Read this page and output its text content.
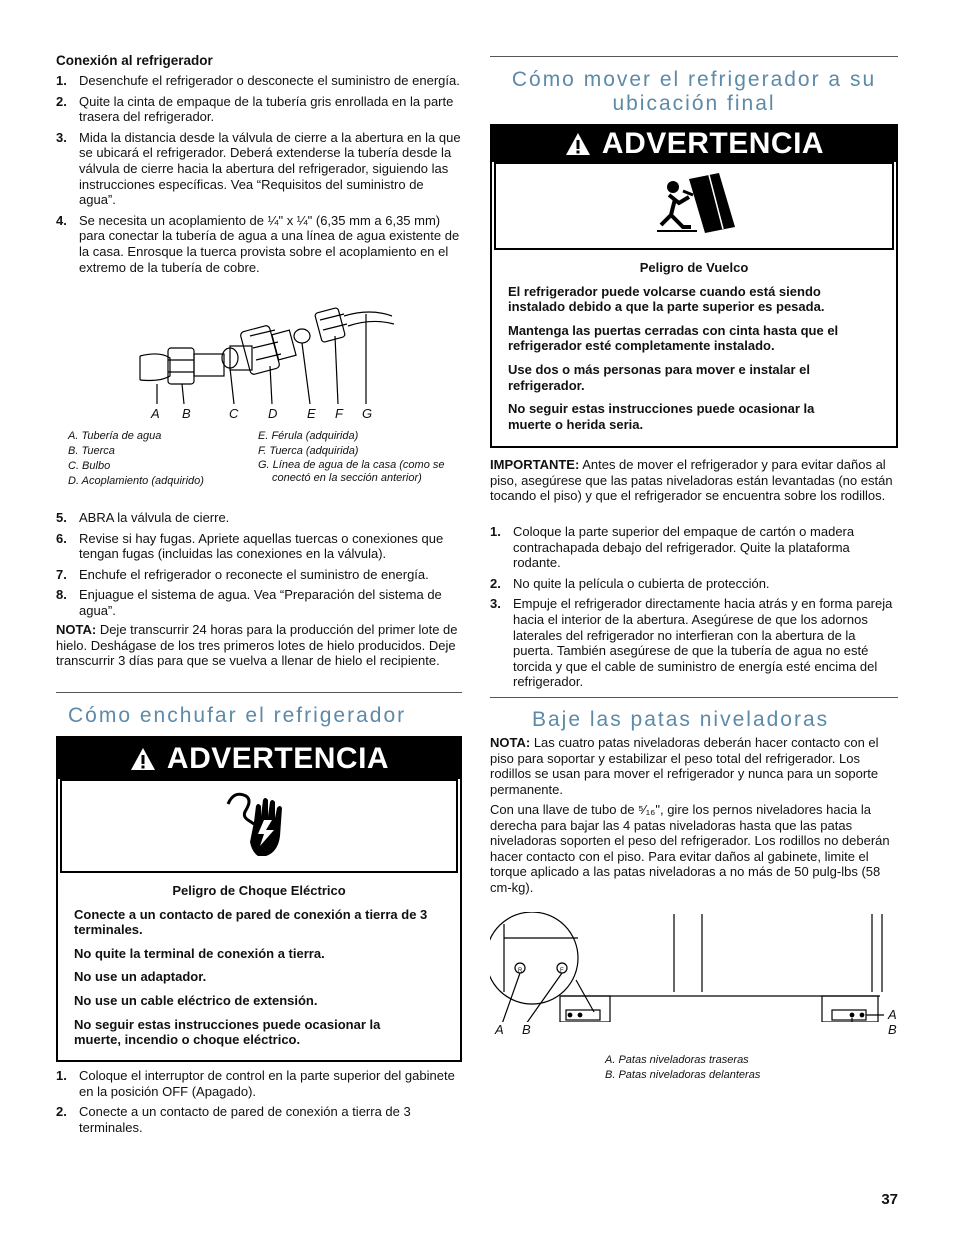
Conexión al refrigerador
1. Desenchufe el refrigerador o desconecte el suministro de energía.
2. Quite la cinta de empaque de la tubería gris enrollada en la parte trasera del refrigerador.
3. Mida la distancia desde la válvula de cierre a la abertura en la que se ubicará el refrigerador. Deberá extenderse la tubería desde la válvula de cierre hacia la abertura del refrigerador, siguiendo las instrucciones específicas. Vea “Requisitos del suministro de agua”.
4. Se necesita un acoplamiento de ¼" x ¼" (6,35 mm a 6,35 mm) para conectar la tubería de agua a una línea de agua existente de la casa. Enrosque la tuerca provista sobre el acoplamiento en el extremo de la tubería de cobre.
A B	C D E F G
A. Tubería de agua
B. Tuerca
C. Bulbo
D. Acoplamiento (adquirido)
E. Férula (adquirida)
F. Tuerca (adquirida)
G. Línea de agua de la casa (como se conectó en la sección anterior)
5. ABRA la válvula de cierre.
6. Revise si hay fugas. Apriete aquellas tuercas o conexiones que tengan fugas (incluidas las conexiones en la válvula).
7. Enchufe el refrigerador o reconecte el suministro de energía.
8. Enjuague el sistema de agua. Vea “Preparación del sistema de agua”.

NOTA: Deje transcurrir 24 horas para la producción del primer lote de hielo. Deshágase de los tres primeros lotes de hielo producidos. Deje transcurrir 3 días para que se vuelva a llenar de hielo el recipiente.

Cómo enchufar el refrigerador
ADVERTENCIA

Peligro de Choque Eléctrico

Conecte a un contacto de pared de conexión a tierra de 3 terminales.

No quite la terminal de conexión a tierra.

No use un adaptador.

No use un cable eléctrico de extensión.

No seguir estas instrucciones puede ocasionar la muerte, incendio o choque eléctrico.

1. Coloque el interruptor de control en la parte superior del gabinete en la posición OFF (Apagado).
2. Conecte a un contacto de pared de conexión a tierra de 3 terminales.
Cómo mover el refrigerador a su ubicación final
ADVERTENCIA

Peligro de Vuelco

El refrigerador puede volcarse cuando está siendo instalado debido a que la parte superior es pesada.

Mantenga las puertas cerradas con cinta hasta que el refrigerador esté completamente instalado.

Use dos o más personas para mover e instalar el refrigerador.

No seguir estas instrucciones puede ocasionar la muerte o herida seria.

IMPORTANTE: Antes de mover el refrigerador y para evitar daños al piso, asegúrese que las patas niveladoras están levantadas (no están tocando el piso) y que el refrigerador se encuentra sobre los rodillos.

1. Coloque la parte superior del empaque de cartón o madera contrachapada debajo del refrigerador. Quite la plataforma rodante.
2. No quite la película o cubierta de protección.
3. Empuje el refrigerador directamente hacia atrás y en forma pareja hacia el interior de la abertura. Asegúrese de que los adornos laterales del refrigerador no interfieran con la abertura de la puerta. También asegúrese de que la tubería de agua no esté torcida y que el cable de suministro de energía esté encima del refrigerador.
Baje las patas niveladoras

NOTA: Las cuatro patas niveladoras deberán hacer contacto con el piso para soportar y estabilizar el peso total del refrigerador. Los rodillos se usan para mover el refrigerador y nunca para un soporte permanente.

Con una llave de tubo de ⁵⁄₁₆", gire los pernos niveladores hacia la derecha para bajar las 4 patas niveladoras hasta que las patas niveladoras soporten el peso del refrigerador. Los rodillos no deberán hacer contacto con el piso. Para evitar daños al gabinete, limite el torque aplicado a las patas niveladoras a no más de 50 pulg-lbs (58 cm-kg).

R	F
A B
A
B
A. Patas niveladoras traseras
B. Patas niveladoras delanteras
37
